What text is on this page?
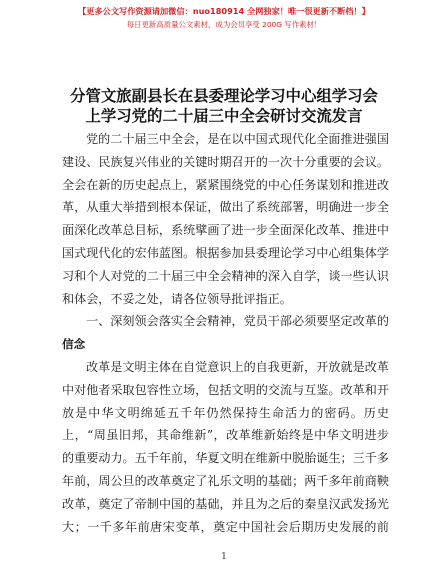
【更多公文写作资源请加微信：nuo180914 全网独家！唯一很更新不断档！】
每日更新高质量公文素材，成为会员享受 200G 写作素材！
分管文旅副县长在县委理论学习中心组学习会
上学习党的二十届三中全会研讨交流发言
党的二十届三中全会，是在以中国式现代化全面推进强国
建设、民族复兴伟业的关键时期召开的一次十分重要的会议。
全会在新的历史起点上，紧紧围绕党的中心任务谋划和推进改
革，从重大举措到根本保证，做出了系统部署，明确进一步全
面深化改革总目标，系统擘画了进一步全面深化改革、推进中
国式现代化的宏伟蓝图。根据参加县委理论学习中心组集体学
习和个人对党的二十届三中全会精神的深入自学，谈一些认识
和体会，不妥之处，请各位领导批评指正。
一、深刻领会落实全会精神，党员干部必须要坚定改革的
信念
改革是文明主体在自觉意识上的自我更新，开放就是改革
中对他者采取包容性立场，包括文明的交流与互鉴。改革和开
放是中华文明绵延五千年仍然保持生命活力的密码。历史
上，“周虽旧邦，其命维新”，改革维新始终是中华文明进步
的重要动力。五千年前，华夏文明在维新中脱胎诞生；三千多
年前，周公旦的改革奠定了礼乐文明的基础；两千多年前商鞅
改革，奠定了帝制中国的基础，并且为之后的秦皇汉武发扬光
大；一千多年前唐宋变革，奠定中国社会后期历史发展的前
1
